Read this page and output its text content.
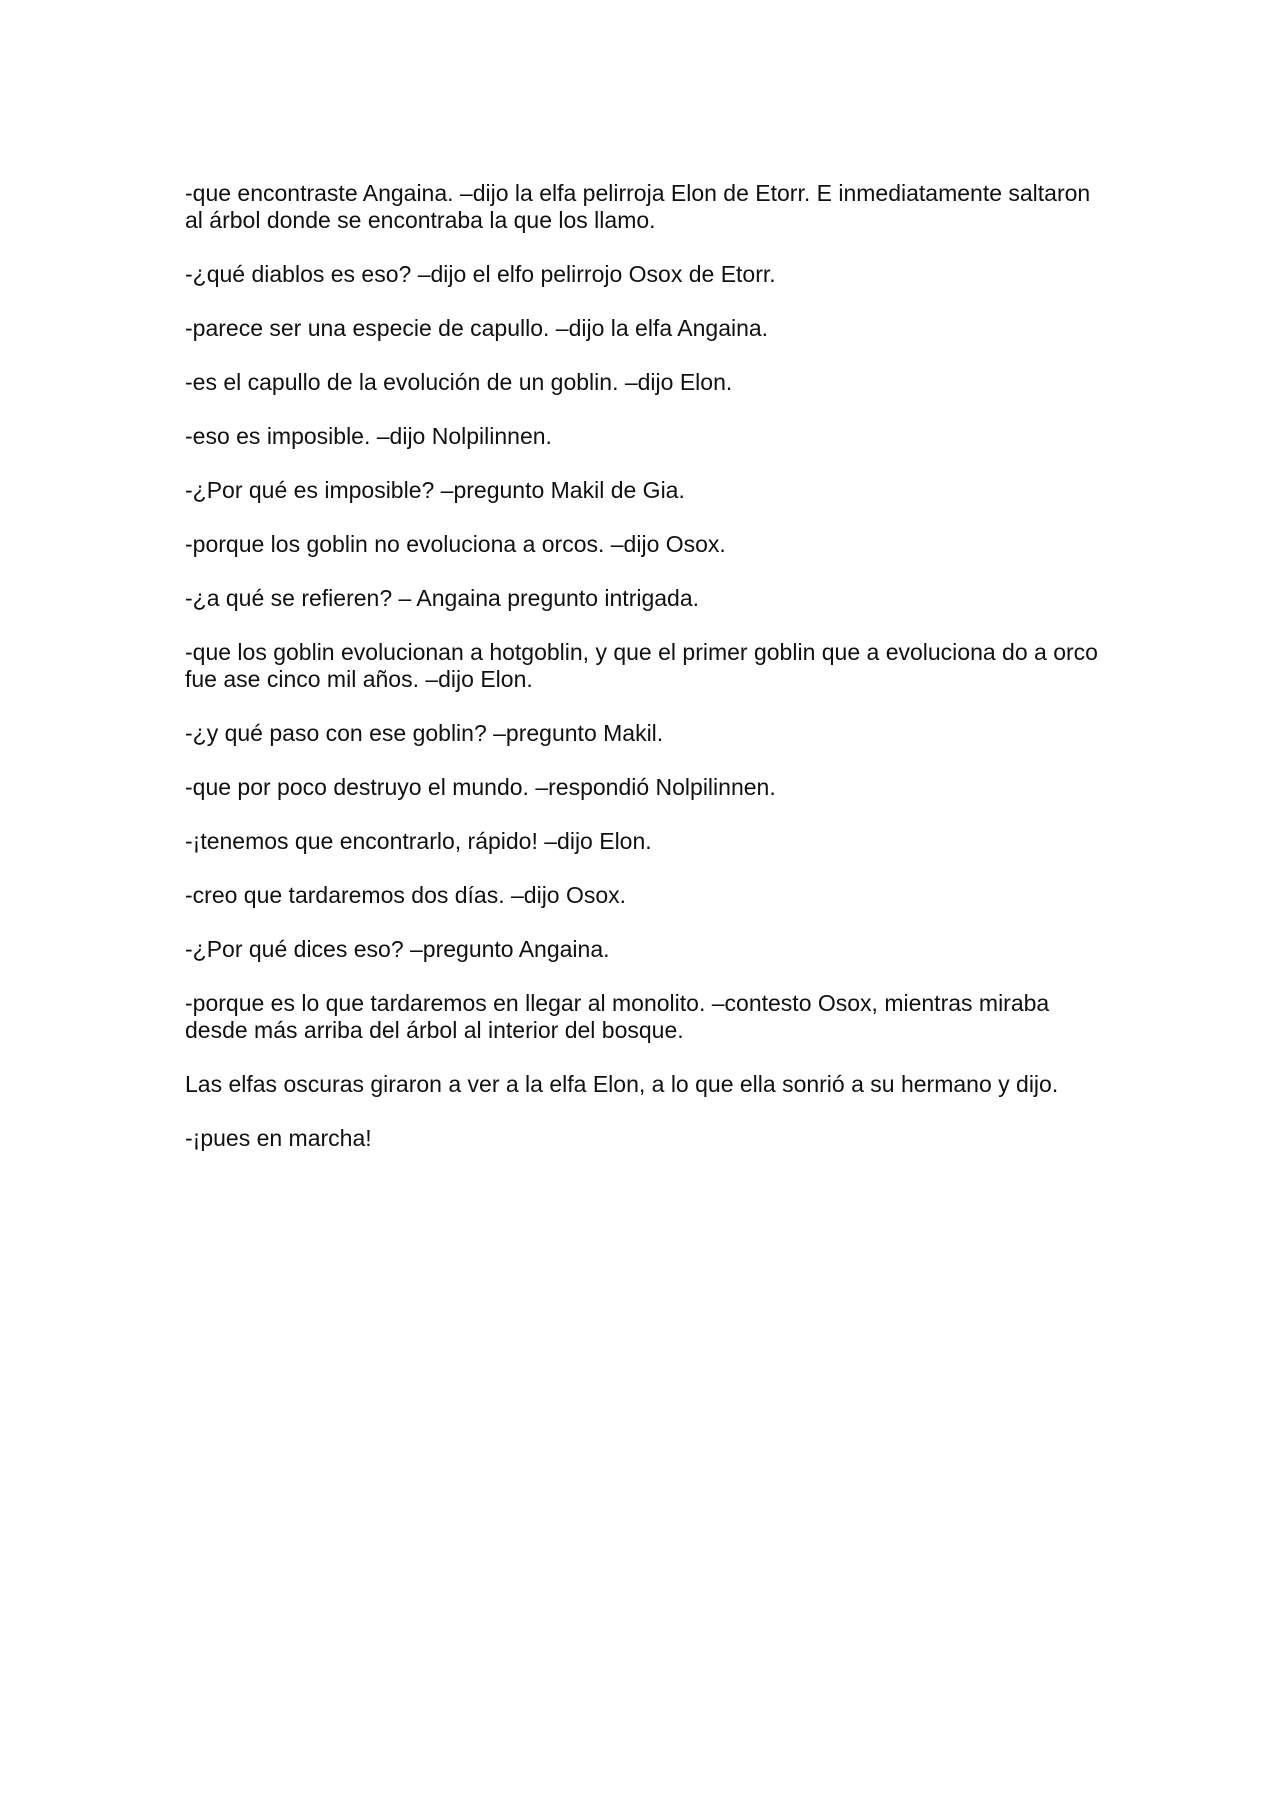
-que encontraste Angaina. –dijo la elfa pelirroja Elon de Etorr. E inmediatamente saltaron al árbol donde se encontraba la que los llamo.

-¿qué diablos es eso? –dijo el elfo pelirrojo Osox de Etorr.

-parece ser una especie de capullo. –dijo la elfa Angaina.

-es el capullo de la evolución de un goblin. –dijo Elon.

-eso es imposible. –dijo Nolpilinnen.

-¿Por qué es imposible? –pregunto Makil de Gia.

-porque los goblin no evoluciona a orcos. –dijo Osox.

-¿a qué se refieren? – Angaina pregunto intrigada.

-que los goblin evolucionan a hotgoblin, y que el primer goblin que a evoluciona do a orco fue ase cinco mil años. –dijo Elon.

-¿y qué paso con ese goblin? –pregunto Makil.

-que por poco destruyo el mundo. –respondió Nolpilinnen.

-¡tenemos que encontrarlo, rápido! –dijo Elon.

-creo que tardaremos dos días. –dijo Osox.

-¿Por qué dices eso? –pregunto Angaina.

-porque es lo que tardaremos en llegar al monolito. –contesto Osox, mientras miraba desde más arriba del árbol al interior del bosque.

Las elfas oscuras giraron a ver a la elfa Elon, a lo que ella sonrió a su hermano y dijo.

-¡pues en marcha!
